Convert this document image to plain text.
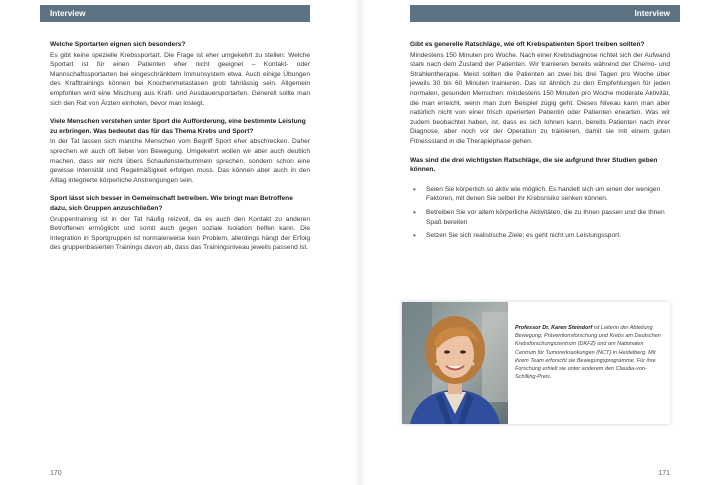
Interview
Welche Sportarten eignen sich besonders?
Es gibt keine spezielle Krebssportart. Die Frage ist eher umgekehrt zu stellen: Welche Sportart ist für einen Patienten eher nicht geeignet – Kontakt- oder Mannschaftssportarten bei eingeschränktem Immunsystem etwa. Auch einige Übungen des Krafttrainings können bei Knochenmetastasen grob fahrlässig sein. Allgemein empfohlen wird eine Mischung aus Kraft- und Ausdauersportarten. Generell sollte man sich den Rat von Ärzten einholen, bevor man loslegt.
Viele Menschen verstehen unter Sport die Aufforderung, eine bestimmte Leistung zu erbringen. Was bedeutet das für das Thema Krebs und Sport?
In der Tat lassen sich manche Menschen vom Begriff Sport eher abschrecken. Daher sprechen wir auch oft lieber von Bewegung. Umgekehrt wollen wir aber auch deutlich machen, dass wir nicht übers Schaufensterbummeln sprechen, sondern schon eine gewisse Intensität und Regelmäßigkeit erfolgen muss. Das können aber auch in den Alltag integrierte körperliche Anstrengungen sein.
Sport lässt sich besser in Gemeinschaft betreiben. Wie bringt man Betroffene dazu, sich Gruppen anzuschließen?
Gruppentraining ist in der Tat häufig reizvoll, da es auch den Kontakt zu anderen Betroffenen ermöglicht und somit auch gegen soziale Isolation helfen kann. Die Integration in Sportgruppen ist normalerweise kein Problem, allerdings hängt der Erfolg des gruppenbasierten Trainings davon ab, dass das Trainingsniveau jeweils passend ist.
170
Interview
Gibt es generelle Ratschläge, wie oft Krebspatienten Sport treiben sollten?
Mindestens 150 Minuten pro Woche. Nach einer Krebsdiagnose richtet sich der Aufwand stark nach dem Zustand der Patienten. Wir trainieren bereits während der Chemo- und Strahlentherapie. Meist sollten die Patienten an zwei bis drei Tagen pro Woche über jeweils 30 bis 60 Minuten trainieren. Das ist ähnlich zu den Empfehlungen für jeden normalen, gesunden Menschen: mindestens 150 Minuten pro Woche moderate Aktivität, die man erreicht, wenn man zum Beispiel zügig geht. Dieses Niveau kann man aber natürlich nicht von einer frisch operierten Patientin oder Patienten erwarten. Was wir zudem beobachtet haben, ist, dass es sich lohnen kann, bereits Patienten nach ihrer Diagnose, aber noch vor der Operation zu trainieren, damit sie mit einem guten Fitnessstand in die Therapiephase gehen.
Was sind die drei wichtigsten Ratschläge, die sie aufgrund Ihrer Studien geben können.
• Seien Sie körperlich so aktiv wie möglich. Es handelt sich um einen der wenigen Faktoren, mit denen Sie selber ihr Krebsrisiko senken können.
• Betreiben Sie vor allem körperliche Aktivitäten, die zu Ihnen passen und die Ihnen Spaß bereiten
• Setzen Sie sich realistische Ziele; es geht nicht um Leistungssport.
Professor Dr. Karen Steindorf ist Leiterin der Abteilung Bewegung, Präventionsforschung und Krebs am Deutschen Krebsforschungszentrum (DKFZ) und am Nationalen Centrum für Tumorerkrankungen (NCT) in Heidelberg. Mit ihrem Team erforscht sie Bewegungsprogramme. Für ihre Forschung erhielt sie unter anderem den Claudia-von-Schilling-Preis.
171
